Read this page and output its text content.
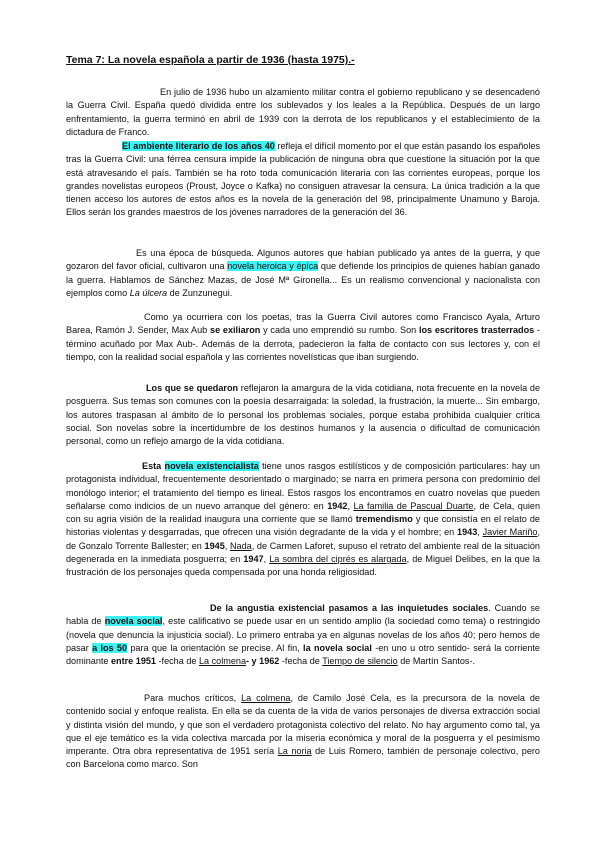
Tema 7: La novela española a partir de 1936 (hasta 1975).-

En julio de 1936 hubo un alzamiento militar contra el gobierno republicano y se desencadenó la Guerra Civil. España quedó dividida entre los sublevados y los leales a la República. Después de un largo enfrentamiento, la guerra terminó en abril de 1939 con la derrota de los republicanos y el establecimiento de la dictadura de Franco.

El ambiente literario de los años 40 refleja el difícil momento por el que están pasando los españoles tras la Guerra Civil: una férrea censura impide la publicación de ninguna obra que cuestione la situación por la que está atravesando el país. También se ha roto toda comunicación literaria con las corrientes europeas, porque los grandes novelistas europeos (Proust, Joyce o Kafka) no consiguen atravesar la censura. La única tradición a la que tienen acceso los autores de estos años es la novela de la generación del 98, principalmente Unamuno y Baroja. Ellos serán los grandes maestros de los jóvenes narradores de la generación del 36.

Es una época de búsqueda. Algunos autores que habían publicado ya antes de la guerra, y que gozaron del favor oficial, cultivaron una novela heroica y épica que defiende los principios de quienes habían ganado la guerra. Hablamos de Sánchez Mazas, de José Mª Gironella... Es un realismo convencional y nacionalista con ejemplos como La úlcera de Zunzunegui.

Como ya ocurriera con los poetas, tras la Guerra Civil autores como Francisco Ayala, Arturo Barea, Ramón J. Sender, Max Aub se exiliaron y cada uno emprendió su rumbo. Son los escritores trasterrados -término acuñado por Max Aub-. Además de la derrota, padecieron la falta de contacto con sus lectores y, con el tiempo, con la realidad social española y las corrientes novelísticas que iban surgiendo.

Los que se quedaron reflejaron la amargura de la vida cotidiana, nota frecuente en la novela de posguerra. Sus temas son comunes con la poesía desarraigada: la soledad, la frustración, la muerte... Sin embargo, los autores traspasan al ámbito de lo personal los problemas sociales, porque estaba prohibida cualquier crítica social. Son novelas sobre la incertidumbre de los destinos humanos y la ausencia o dificultad de comunicación personal, como un reflejo amargo de la vida cotidiana.

Esta novela existencialista tiene unos rasgos estilísticos y de composición particulares: hay un protagonista individual, frecuentemente desorientado o marginado; se narra en primera persona con predominio del monólogo interior; el tratamiento del tiempo es lineal. Estos rasgos los encontramos en cuatro novelas que pueden señalarse como indicios de un nuevo arranque del género: en 1942, La familia de Pascual Duarte, de Cela, quien con su agria visión de la realidad inaugura una corriente que se llamó tremendismo y que consistía en el relato de historias violentas y desgarradas, que ofrecen una visión degradante de la vida y el hombre; en 1943, Javier Mariño, de Gonzalo Torrente Ballester; en 1945, Nada, de Carmen Laforet, supuso el retrato del ambiente real de la situación degenerada en la inmediata posguerra; en 1947, La sombra del ciprés es alargada, de Miguel Delibes, en la que la frustración de los personajes queda compensada por una honda religiosidad.

De la angustia existencial pasamos a las inquietudes sociales. Cuando se habla de novela social, este calificativo se puede usar en un sentido amplio (la sociedad como tema) o restringido (novela que denuncia la injusticia social). Lo primero entraba ya en algunas novelas de los años 40; pero hemos de pasar a los 50 para que la orientación se precise. Al fin, la novela social -en uno u otro sentido- será la corriente dominante entre 1951 -fecha de La colmena- y 1962 -fecha de Tiempo de silencio de Martín Santos-.

Para muchos críticos, La colmena, de Camilo José Cela, es la precursora de la novela de contenido social y enfoque realista. En ella se da cuenta de la vida de varios personajes de diversa extracción social y distinta visión del mundo, y que son el verdadero protagonista colectivo del relato. No hay argumento como tal, ya que el eje temático es la vida colectiva marcada por la miseria económica y moral de la posguerra y el pesimismo imperante. Otra obra representativa de 1951 sería La noria de Luis Romero, también de personaje colectivo, pero con Barcelona como marco. Son
